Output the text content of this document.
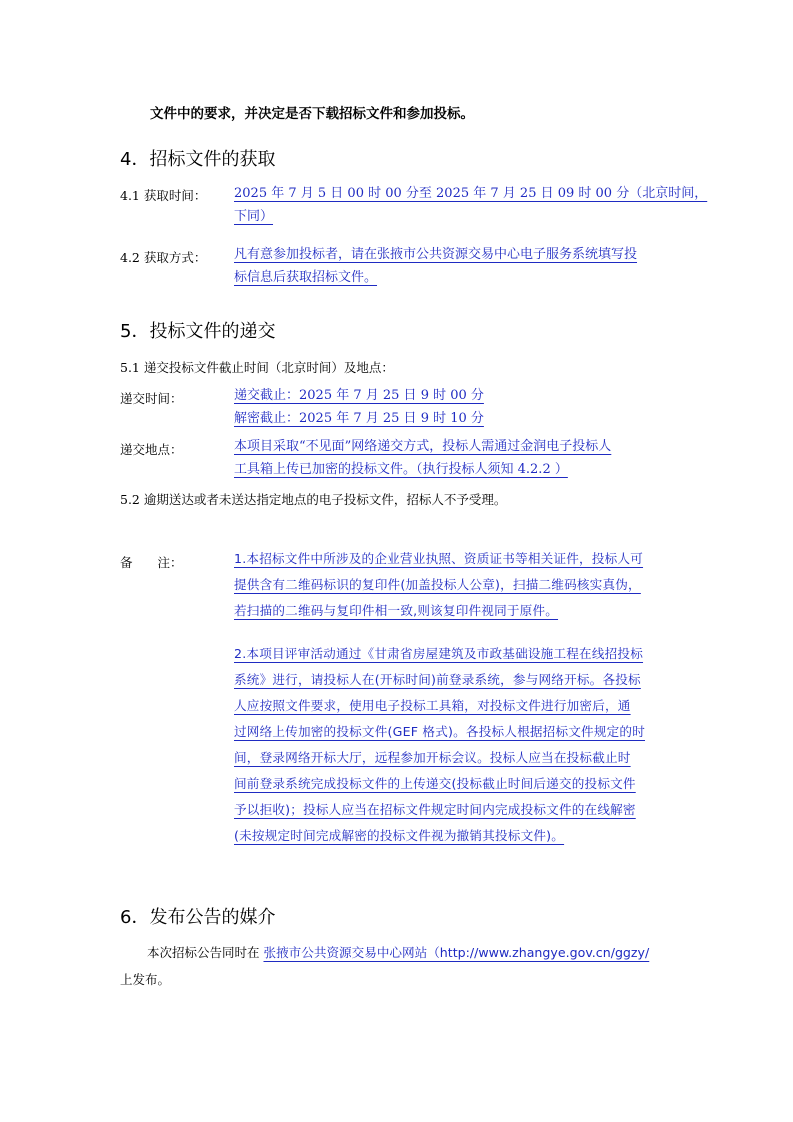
文件中的要求，并决定是否下载招标文件和参加投标。
4．招标文件的获取
4.1 获取时间： 2025 年 7 月 5 日 00 时 00 分至 2025 年 7 月 25 日 09 时 00 分（北京时间，
下同）
4.2 获取方式： 凡有意参加投标者，请在张掖市公共资源交易中心电子服务系统填写投
标信息后获取招标文件。
5．投标文件的递交
5.1 递交投标文件截止时间（北京时间）及地点：
递交时间：	递交截止：2025 年 7 月 25 日 9 时 00 分
解密截止：2025 年 7 月 25 日 9 时 10 分
递交地点：	本项目采取“不见面”网络递交方式，投标人需通过金润电子投标人
工具箱上传已加密的投标文件。（执行投标人须知 4.2.2 ）
5.2 逾期送达或者未送达指定地点的电子投标文件，招标人不予受理。
备　　注：	1.本招标文件中所涉及的企业营业执照、资质证书等相关证件，投标人可
提供含有二维码标识的复印件(加盖投标人公章)，扫描二维码核实真伪，
若扫描的二维码与复印件相一致,则该复印件视同于原件。
2.本项目评审活动通过《甘肃省房屋建筑及市政基础设施工程在线招投标
系统》进行，请投标人在(开标时间)前登录系统，参与网络开标。各投标
人应按照文件要求，使用电子投标工具箱，对投标文件进行加密后，通
过网络上传加密的投标文件(GEF 格式)。各投标人根据招标文件规定的时
间，登录网络开标大厅，远程参加开标会议。投标人应当在投标截止时
间前登录系统完成投标文件的上传递交(投标截止时间后递交的投标文件
予以拒收)；投标人应当在招标文件规定时间内完成投标文件的在线解密
(未按规定时间完成解密的投标文件视为撤销其投标文件)。
6．发布公告的媒介
本次招标公告同时在 张掖市公共资源交易中心网站（http://www.zhangye.gov.cn/ggzy/
上发布。
